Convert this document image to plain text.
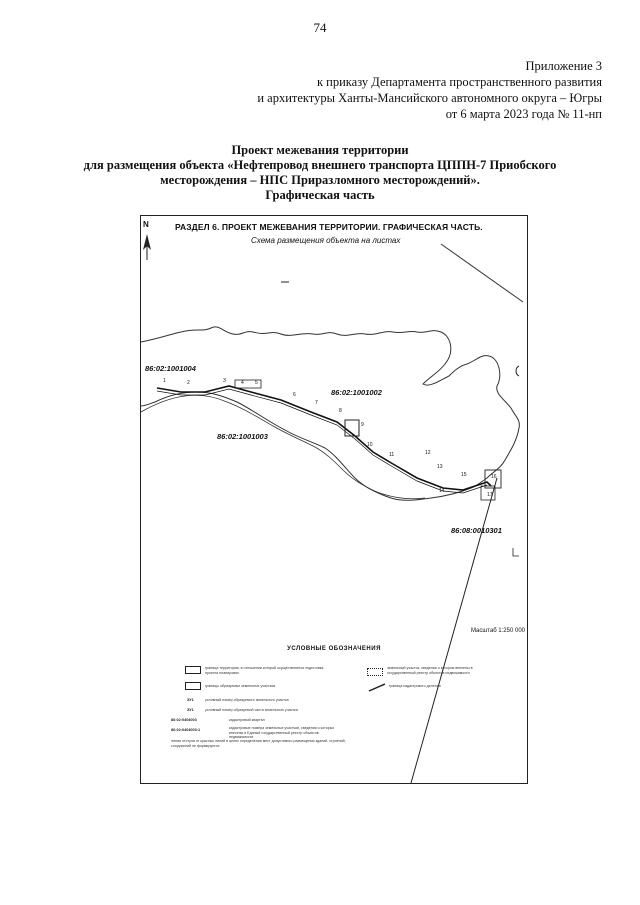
74
Приложение 3
к приказу Департамента пространственного развития
и архитектуры Ханты-Мансийского автономного округа – Югры
от 6 марта 2023 года № 11-нп
Проект межевания территории
для размещения объекта «Нефтепровод внешнего транспорта ЦППН-7 Приобского
месторождения – НПС Приразломного месторождений».
Графическая часть
N	РАЗДЕЛ 6. ПРОЕКТ МЕЖЕВАНИЯ ТЕРРИТОРИИ. ГРАФИЧЕСКАЯ ЧАСТЬ.
Схема размещения объекта на листах
86:02:1001004
86:02:1001002
86:02:1001003
86:08:0010301
1	2	3	4 5
6
7
8
9
10
11	12
13
14
15	16
17
Масштаб 1:250 000
УСЛОВНЫЕ ОБОЗНАЧЕНИЯ
граница территории, в отношении которой осуществляется подготовка проекта планировки
границы образуемых земельных участков
ЗУ1	условный номер образуемого земельного участка
ЗУ1	условный номер образуемой части земельного участка
86:02:0404003	кадастровый квартал
86:02:0404003:1	кадастровые номера земельных участков, сведения о которых внесены в Единый государственный реестр объектов недвижимости
земельный участок, сведения о котором внесены в государственный реестр объектов недвижимости
граница кадастрового деления
линия отступа от красных линий в целях определения мест допустимого размещения зданий, строений, сооружений не формируется
